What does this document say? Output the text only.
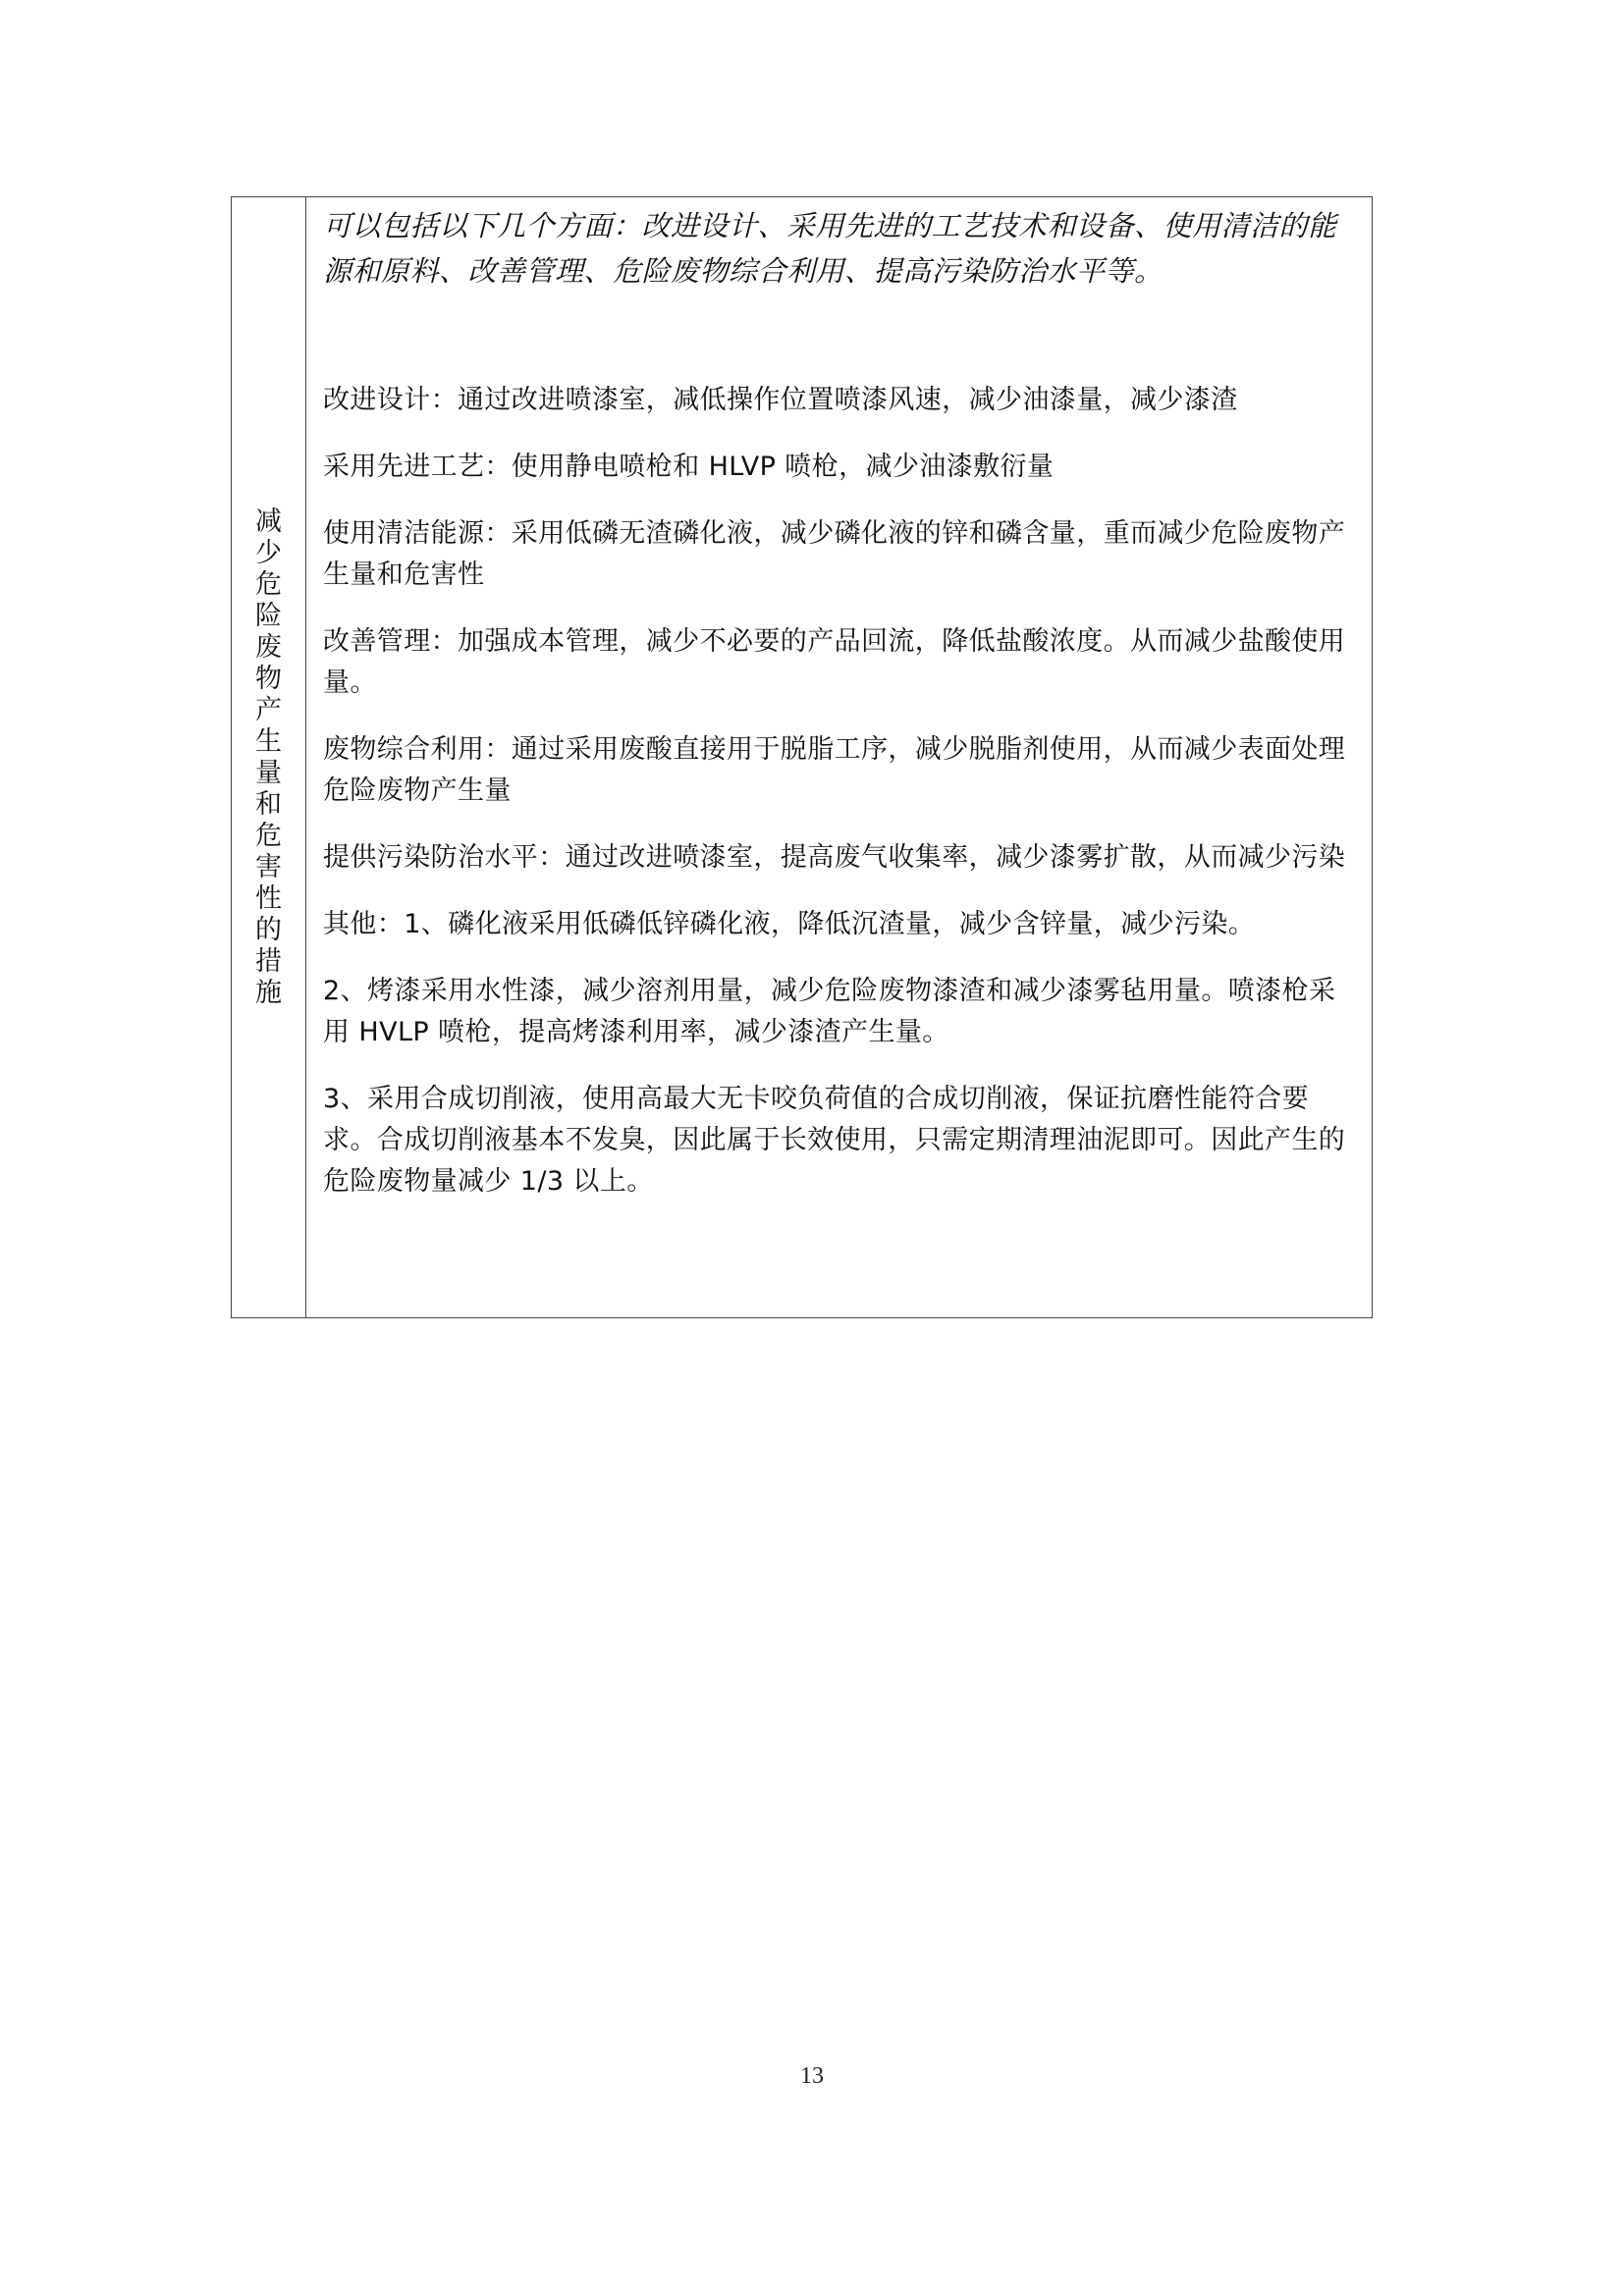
减少危险废物产生量和危害性的措施

可以包括以下几个方面：改进设计、采用先进的工艺技术和设备、使用清洁的能源和原料、改善管理、危险废物综合利用、提高污染防治水平等。

改进设计：通过改进喷漆室，减低操作位置喷漆风速，减少油漆量，减少漆渣

采用先进工艺：使用静电喷枪和 HLVP 喷枪，减少油漆敷衍量

使用清洁能源：采用低磷无渣磷化液，减少磷化液的锌和磷含量，重而减少危险废物产生量和危害性

改善管理：加强成本管理，减少不必要的产品回流，降低盐酸浓度。从而减少盐酸使用量。

废物综合利用：通过采用废酸直接用于脱脂工序，减少脱脂剂使用，从而减少表面处理危险废物产生量

提供污染防治水平：通过改进喷漆室，提高废气收集率，减少漆雾扩散，从而减少污染

其他：1、磷化液采用低磷低锌磷化液，降低沉渣量，减少含锌量，减少污染。

2、烤漆采用水性漆，减少溶剂用量，减少危险废物漆渣和减少漆雾毡用量。喷漆枪采用 HVLP 喷枪，提高烤漆利用率，减少漆渣产生量。

3、采用合成切削液，使用高最大无卡咬负荷值的合成切削液，保证抗磨性能符合要求。合成切削液基本不发臭，因此属于长效使用，只需定期清理油泥即可。因此产生的危险废物量减少 1/3 以上。

13
